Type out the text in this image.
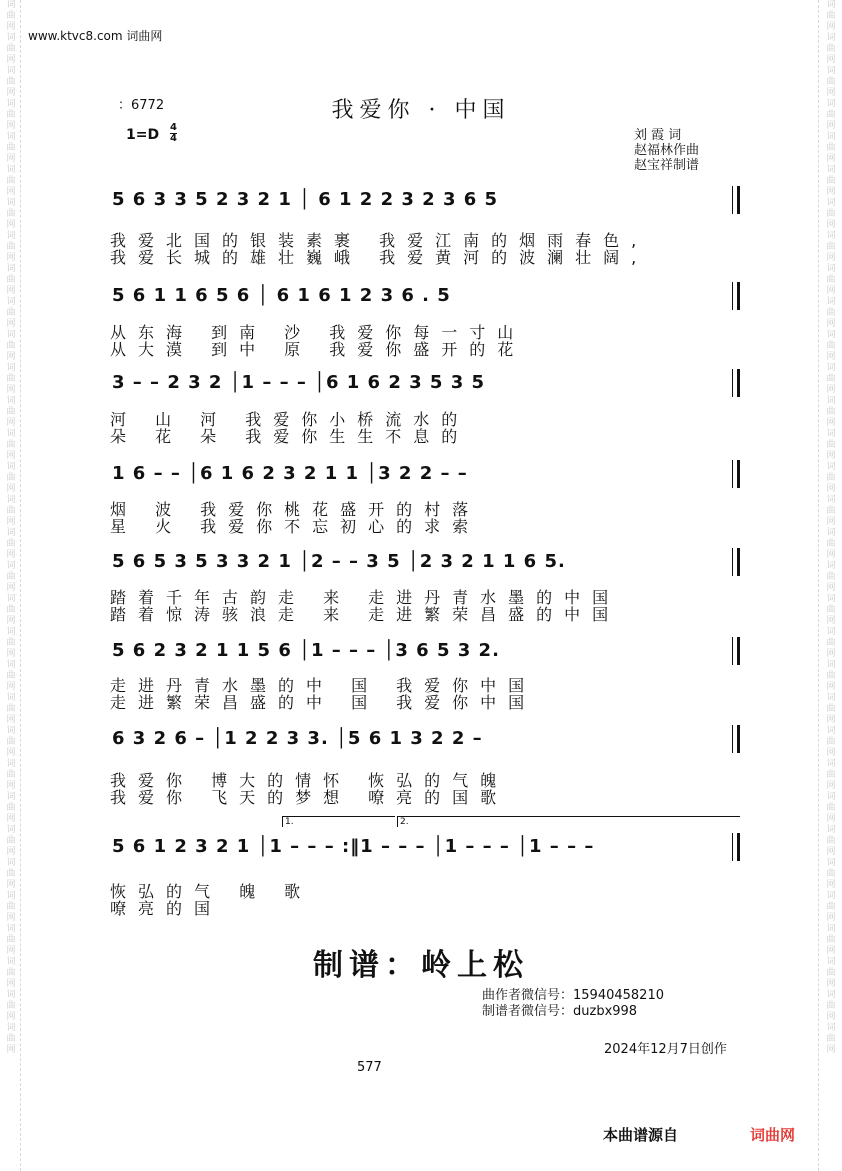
词
曲
网
词
曲
网
词
曲
网
词
曲
网
词
曲
网
词
曲
网
词
曲
网
词
曲
网
词
曲
网
词
曲
网
词
曲
网
词
曲
网
词
曲
网
词
曲
网
词
曲
网
词
曲
网
词
曲
网
词
曲
网
词
曲
网
词
曲
网
词
曲
网
词
曲
网
词
曲
网
词
曲
网
词
曲
网
词
曲
网
词
曲
网
词
曲
网
词
曲
网
词
曲
网
词
曲
网
词
曲
网

词
曲
网
词
曲
网
词
曲
网
词
曲
网
词
曲
网
词
曲
网
词
曲
网
词
曲
网
词
曲
网
词
曲
网
词
曲
网
词
曲
网
词
曲
网
词
曲
网
词
曲
网
词
曲
网
词
曲
网
词
曲
网
词
曲
网
词
曲
网
词
曲
网
词
曲
网
词
曲
网
词
曲
网
词
曲
网
词
曲
网
词
曲
网
词
曲
网
词
曲
网
词
曲
网
词
曲
网
词
曲
网

www.ktvc8.com 词曲网
：6772	我爱你 · 中国
$1=D \frac{4}{4}$	刘 霞 词
赵福林作曲
赵宝祥制谱
5 6 3 3 5 2 3 2 1 │ 6 1 2 2 3 2 3 6 5
我爱北国的银装素裹 我爱江南的烟雨春色,
我爱长城的雄壮巍峨 我爱黄河的波澜壮阔,
5 6 1 1 6 5 6 │ 6 1 6 1 2 3 6 . 5
从东海 到南 沙 我爱你每一寸山
从大漠 到中 原 我爱你盛开的花
3 – – 2 3 2 │1 – – – │6 1 6 2 3 5 3 5
河 山 河 我爱你小桥流水的
朵 花 朵 我爱你生生不息的
1 6 – – │6 1 6 2 3 2 1 1 │3 2 2 – –
烟 波 我爱你桃花盛开的村落
星 火 我爱你不忘初心的求索
5 6 5 3 5 3 3 2 1 │2 – – 3 5 │2 3 2 1 1 6 5.
踏着千年古韵走 来 走进丹青水墨的中国
踏着惊涛骇浪走 来 走进繁荣昌盛的中国
5 6 2 3 2 1 1 5 6 │1 – – – │3 6 5 3 2.
走进丹青水墨的中 国 我爱你中国
走进繁荣昌盛的中 国 我爱你中国
6 3 2 6 – │1 2 2 3 3. │5 6 1 3 2 2 –
我爱你 博大的情怀 恢弘的气魄
我爱你 飞天的梦想 嘹亮的国歌
5 6 1 2 3 2 1 │1 – – – :‖1 – – – │1 – – – │1 – – –
1.	2.
恢弘的气 魄 歌
嘹亮的国
制谱：岭上松
曲作者微信号：15940458210
制谱者微信号：duzbx998
2024年12月7日创作
577
本曲谱源自	词曲网
